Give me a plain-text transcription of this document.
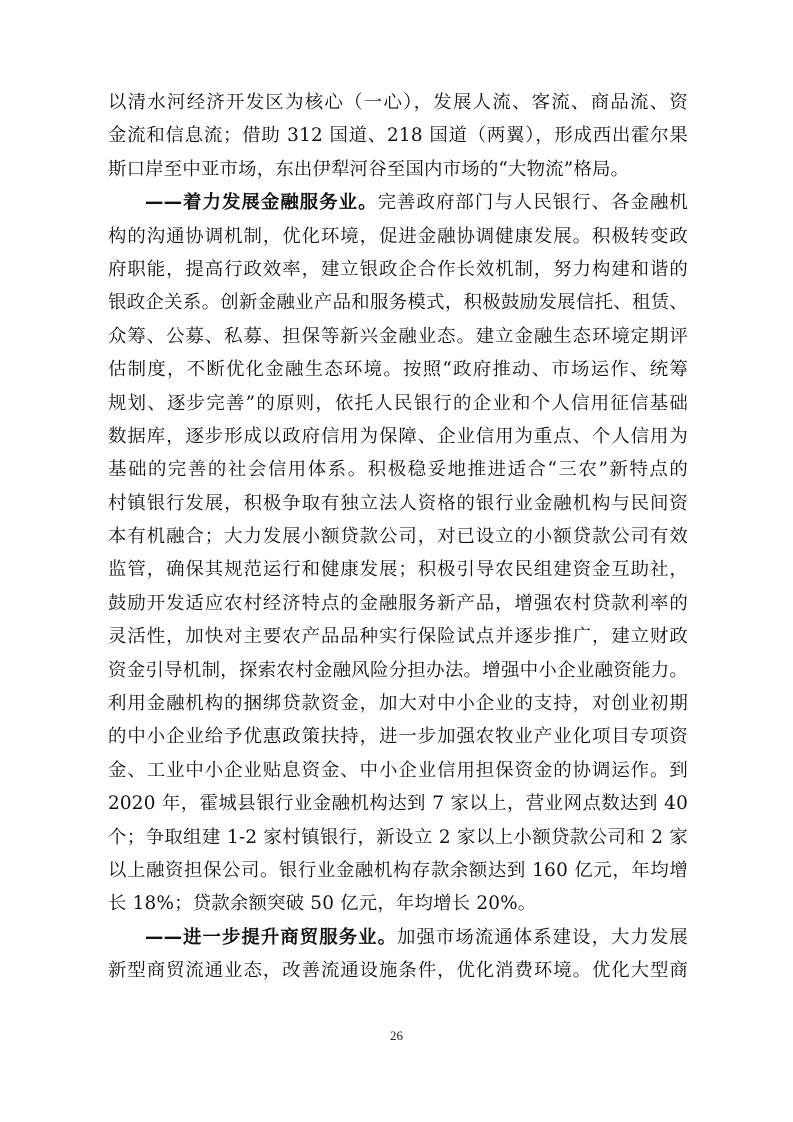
以清水河经济开发区为核心（一心），发展人流、客流、商品流、资
金流和信息流；借助 312 国道、218 国道（两翼），形成西出霍尔果
斯口岸至中亚市场，东出伊犁河谷至国内市场的“大物流”格局。
——着力发展金融服务业。完善政府部门与人民银行、各金融机
构的沟通协调机制，优化环境，促进金融协调健康发展。积极转变政
府职能，提高行政效率，建立银政企合作长效机制，努力构建和谐的
银政企关系。创新金融业产品和服务模式，积极鼓励发展信托、租赁、
众筹、公募、私募、担保等新兴金融业态。建立金融生态环境定期评
估制度，不断优化金融生态环境。按照“政府推动、市场运作、统筹
规划、逐步完善”的原则，依托人民银行的企业和个人信用征信基础
数据库，逐步形成以政府信用为保障、企业信用为重点、个人信用为
基础的完善的社会信用体系。积极稳妥地推进适合“三农”新特点的
村镇银行发展，积极争取有独立法人资格的银行业金融机构与民间资
本有机融合；大力发展小额贷款公司，对已设立的小额贷款公司有效
监管，确保其规范运行和健康发展；积极引导农民组建资金互助社，
鼓励开发适应农村经济特点的金融服务新产品，增强农村贷款利率的
灵活性，加快对主要农产品品种实行保险试点并逐步推广，建立财政
资金引导机制，探索农村金融风险分担办法。增强中小企业融资能力。
利用金融机构的捆绑贷款资金，加大对中小企业的支持，对创业初期
的中小企业给予优惠政策扶持，进一步加强农牧业产业化项目专项资
金、工业中小企业贴息资金、中小企业信用担保资金的协调运作。到
2020 年，霍城县银行业金融机构达到 7 家以上，营业网点数达到 40
个；争取组建 1-2 家村镇银行，新设立 2 家以上小额贷款公司和 2 家
以上融资担保公司。银行业金融机构存款余额达到 160 亿元，年均增
长 18%；贷款余额突破 50 亿元，年均增长 20%。
——进一步提升商贸服务业。加强市场流通体系建设，大力发展
新型商贸流通业态，改善流通设施条件，优化消费环境。优化大型商
26
